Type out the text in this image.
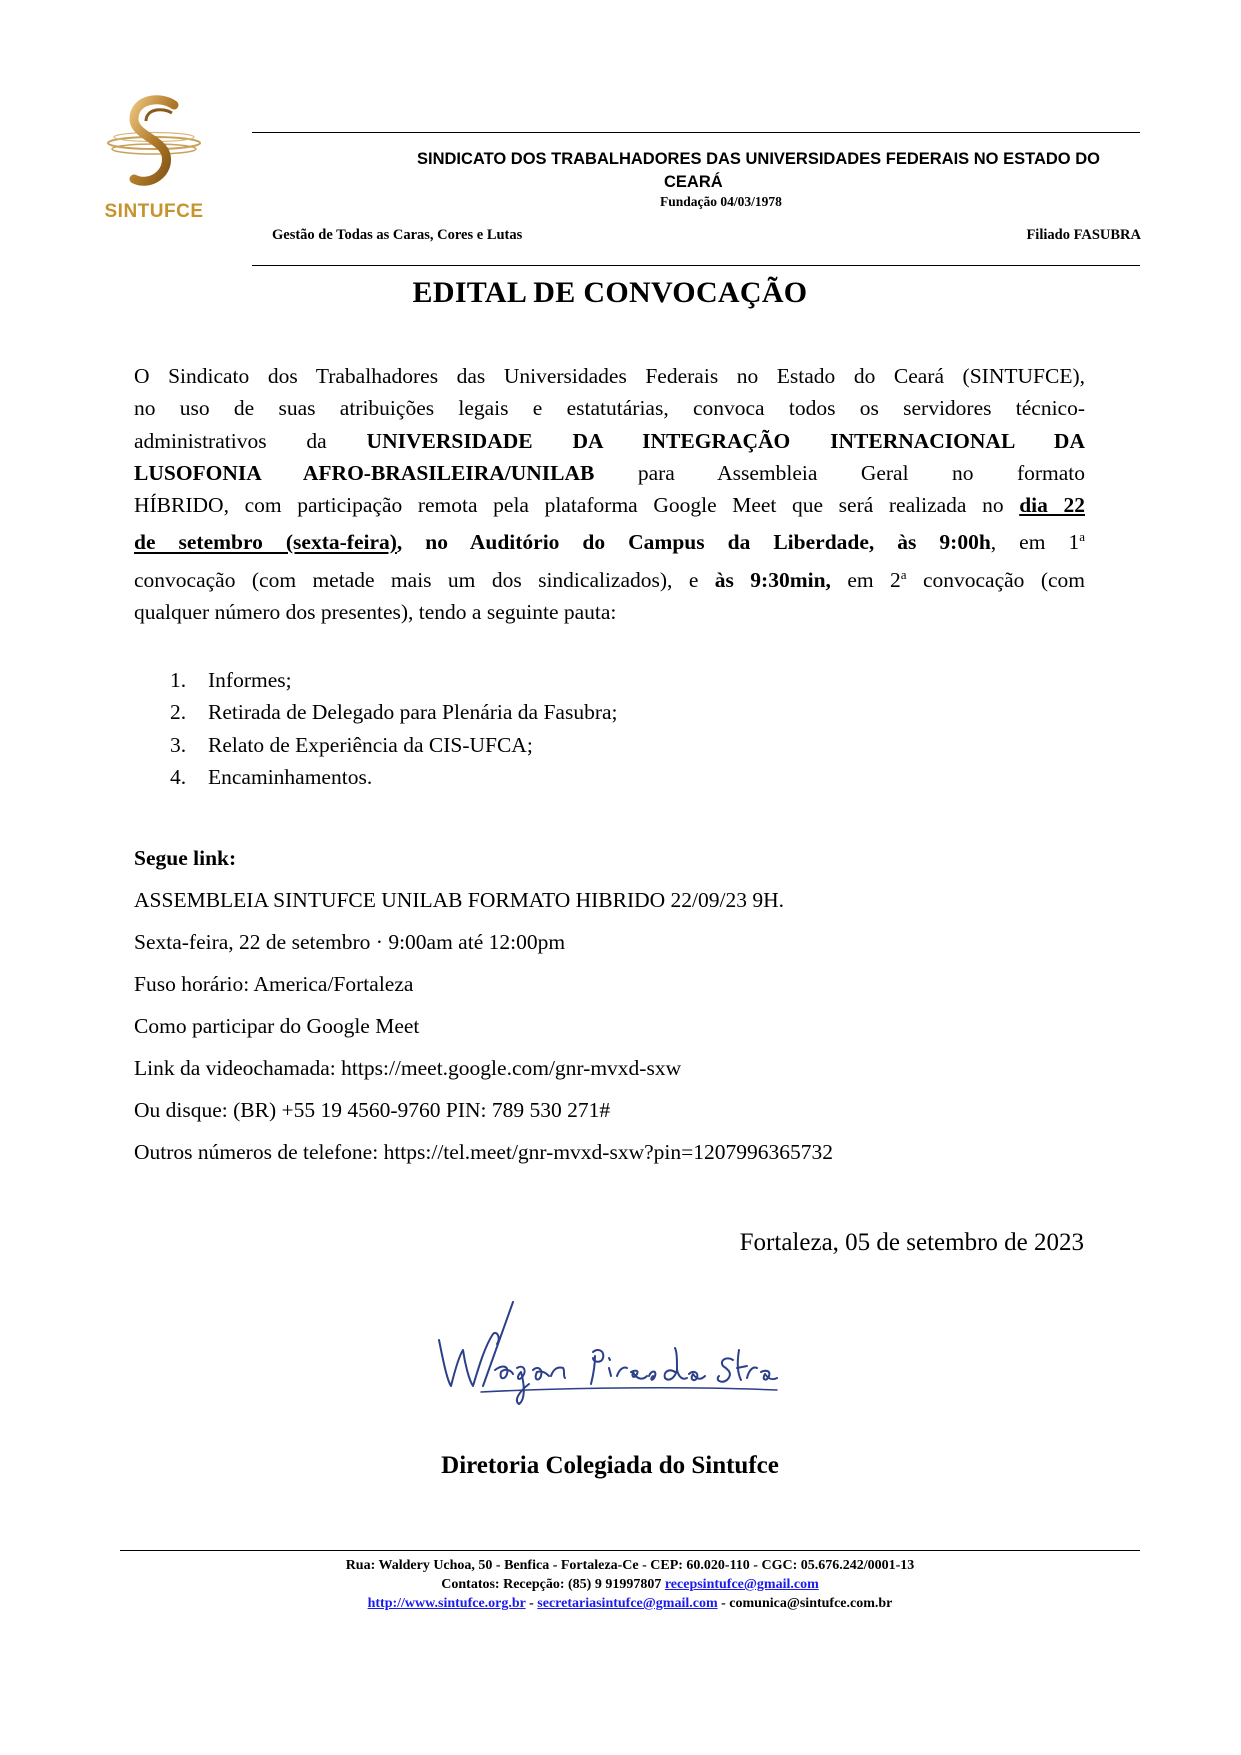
SINTUFCE
SINDICATO DOS TRABALHADORES DAS UNIVERSIDADES FEDERAIS NO ESTADO DO
CEARÁ
Fundação 04/03/1978
Gestão de Todas as Caras, Cores e Lutas	Filiado FASUBRA
EDITAL DE CONVOCAÇÃO
O Sindicato dos Trabalhadores das Universidades Federais no Estado do Ceará (SINTUFCE),
no uso de suas atribuições legais e estatutárias, convoca todos os servidores técnico-
administrativos da UNIVERSIDADE DA INTEGRAÇÃO INTERNACIONAL DA
LUSOFONIA AFRO-BRASILEIRA/UNILAB para Assembleia Geral no formato
HÍBRIDO, com participação remota pela plataforma Google Meet que será realizada no dia 22
de setembro (sexta-feira), no Auditório do Campus da Liberdade, às 9:00h, em 1$^a$
convocação (com metade mais um dos sindicalizados), e às 9:30min, em 2$^a$ convocação (com
qualquer número dos presentes), tendo a seguinte pauta:
1. Informes;
2. Retirada de Delegado para Plenária da Fasubra;
3. Relato de Experiência da CIS-UFCA;
4. Encaminhamentos.
Segue link:
ASSEMBLEIA SINTUFCE UNILAB FORMATO HIBRIDO 22/09/23 9H.
Sexta-feira, 22 de setembro · 9:00am até 12:00pm
Fuso horário: America/Fortaleza
Como participar do Google Meet
Link da videochamada: https://meet.google.com/gnr-mvxd-sxw
Ou disque: (BR) +55 19 4560-9760 PIN: 789 530 271#
Outros números de telefone: https://tel.meet/gnr-mvxd-sxw?pin=1207996365732
Fortaleza, 05 de setembro de 2023
Diretoria Colegiada do Sintufce
Rua: Waldery Uchoa, 50 - Benfica - Fortaleza-Ce - CEP: 60.020-110 - CGC: 05.676.242/0001-13
Contatos: Recepção: (85) 9 91997807 recepsintufce@gmail.com
http://www.sintufce.org.br - secretariasintufce@gmail.com - comunica@sintufce.com.br
